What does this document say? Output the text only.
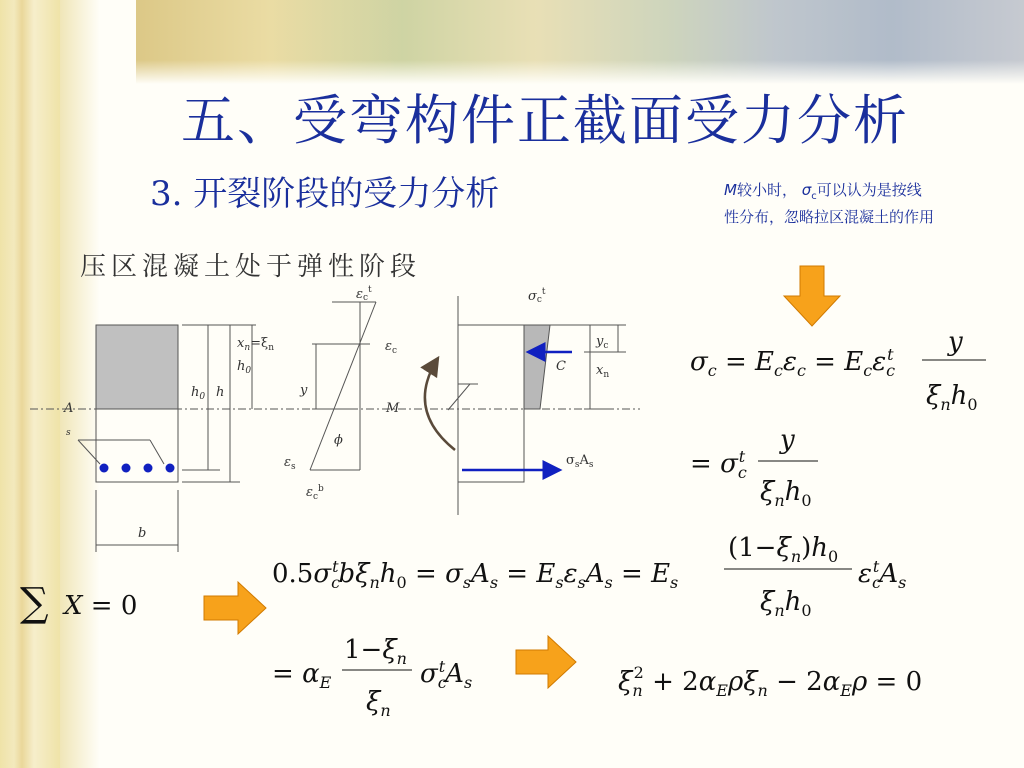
五、受弯构件正截面受力分析
3. 开裂阶段的受力分析	M较小时， $\sigma_c$可以认为是按线性分布，忽略拉区混凝土的作用
压区混凝土处于弹性阶段
$x_n=\xi_n$
$h_0$
$h_0$ h
A
s
b
y
$\varepsilon c^t$
$\varepsilon_c$
$\varepsilon_s$
$\varepsilon_c^b$
ϕ
M
$\sigma c^t$
$y_c$
$x_n$
C
$\sigma_sA_s$
$\sigma_c = E_c\varepsilon_c = E_c\varepsilon_ct$ y
$\xi_nh_0$
= $\sigma_ct$
y
$\xi_nh_0$
$0.5\sigma_ctb\xi_nh_0 = \sigma_sA_s = E_s\varepsilon_sA_s = E_s$
$(1-\xi_n)h_0$
$\xi_nh_0$
$\varepsilon_ctA_s$
∑ X = 0
= $\alpha_E$
$1-\xi_n$
$\xi_n$
$\sigma_ctA_s$	$\xi_n2 + 2\alpha_E\rho\xi_n - 2\alpha_E\rho = 0$
